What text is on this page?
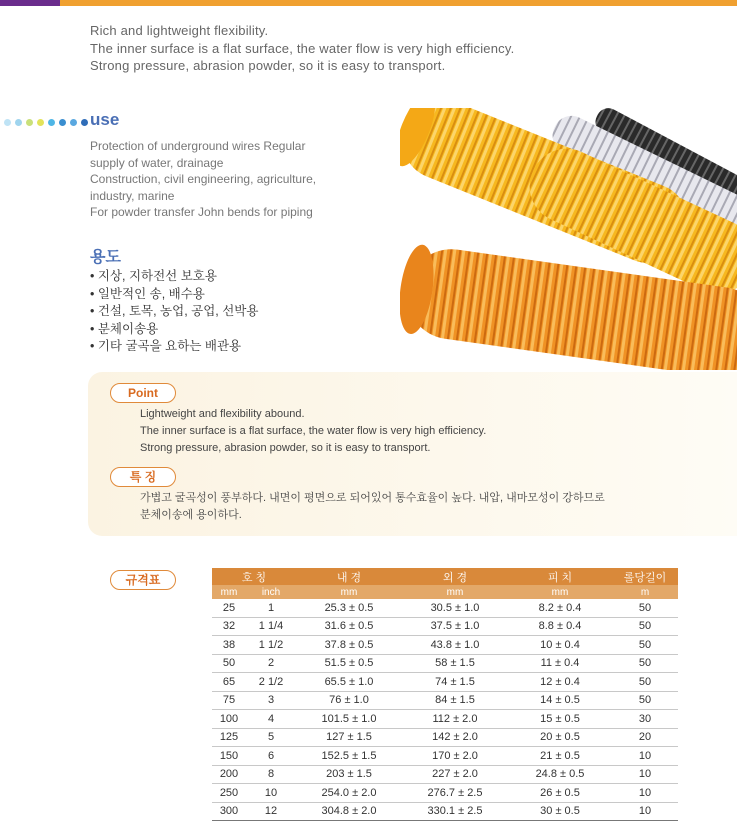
Rich and lightweight flexibility.
The inner surface is a flat surface, the water flow is very high efficiency.
Strong pressure, abrasion powder, so it is easy to transport.
use
Protection of underground wires Regular
supply of water, drainage
Construction, civil engineering, agriculture,
industry, marine
For powder transfer John bends for piping
용도
• 지상, 지하전선 보호용
• 일반적인 송, 배수용
• 건설, 토목, 농업, 공업, 선박용
• 분체이송용
• 기타 굴곡을 요하는 배관용
Point
Lightweight and flexibility abound.
The inner surface is a flat surface, the water flow is very high efficiency.
Strong pressure, abrasion powder, so it is easy to transport.
특 징
가볍고 굴곡성이 풍부하다. 내면이 평면으로 되어있어 통수효율이 높다. 내압, 내마모성이 강하므로
분체이송에 용이하다.
규격표	호 칭		내 경	외 경	피 치	롤당길이
mm	inch	mm	mm	mm	m
25	1	25.3 ± 0.5	30.5 ± 1.0	8.2 ± 0.4	50
32	1 1/4	31.6 ± 0.5	37.5 ± 1.0	8.8 ± 0.4	50
38	1 1/2	37.8 ± 0.5	43.8 ± 1.0	10 ± 0.4	50
50	2	51.5 ± 0.5	58 ± 1.5	11 ± 0.4	50
65	2 1/2	65.5 ± 1.0	74 ± 1.5	12 ± 0.4	50
75	3	76 ± 1.0	84 ± 1.5	14 ± 0.5	50
100	4	101.5 ± 1.0	112 ± 2.0	15 ± 0.5	30
125	5	127 ± 1.5	142 ± 2.0	20 ± 0.5	20
150	6	152.5 ± 1.5	170 ± 2.0	21 ± 0.5	10
200	8	203 ± 1.5	227 ± 2.0	24.8 ± 0.5	10
250	10	254.0 ± 2.0	276.7 ± 2.5	26 ± 0.5	10
300	12	304.8 ± 2.0	330.1 ± 2.5	30 ± 0.5	10
